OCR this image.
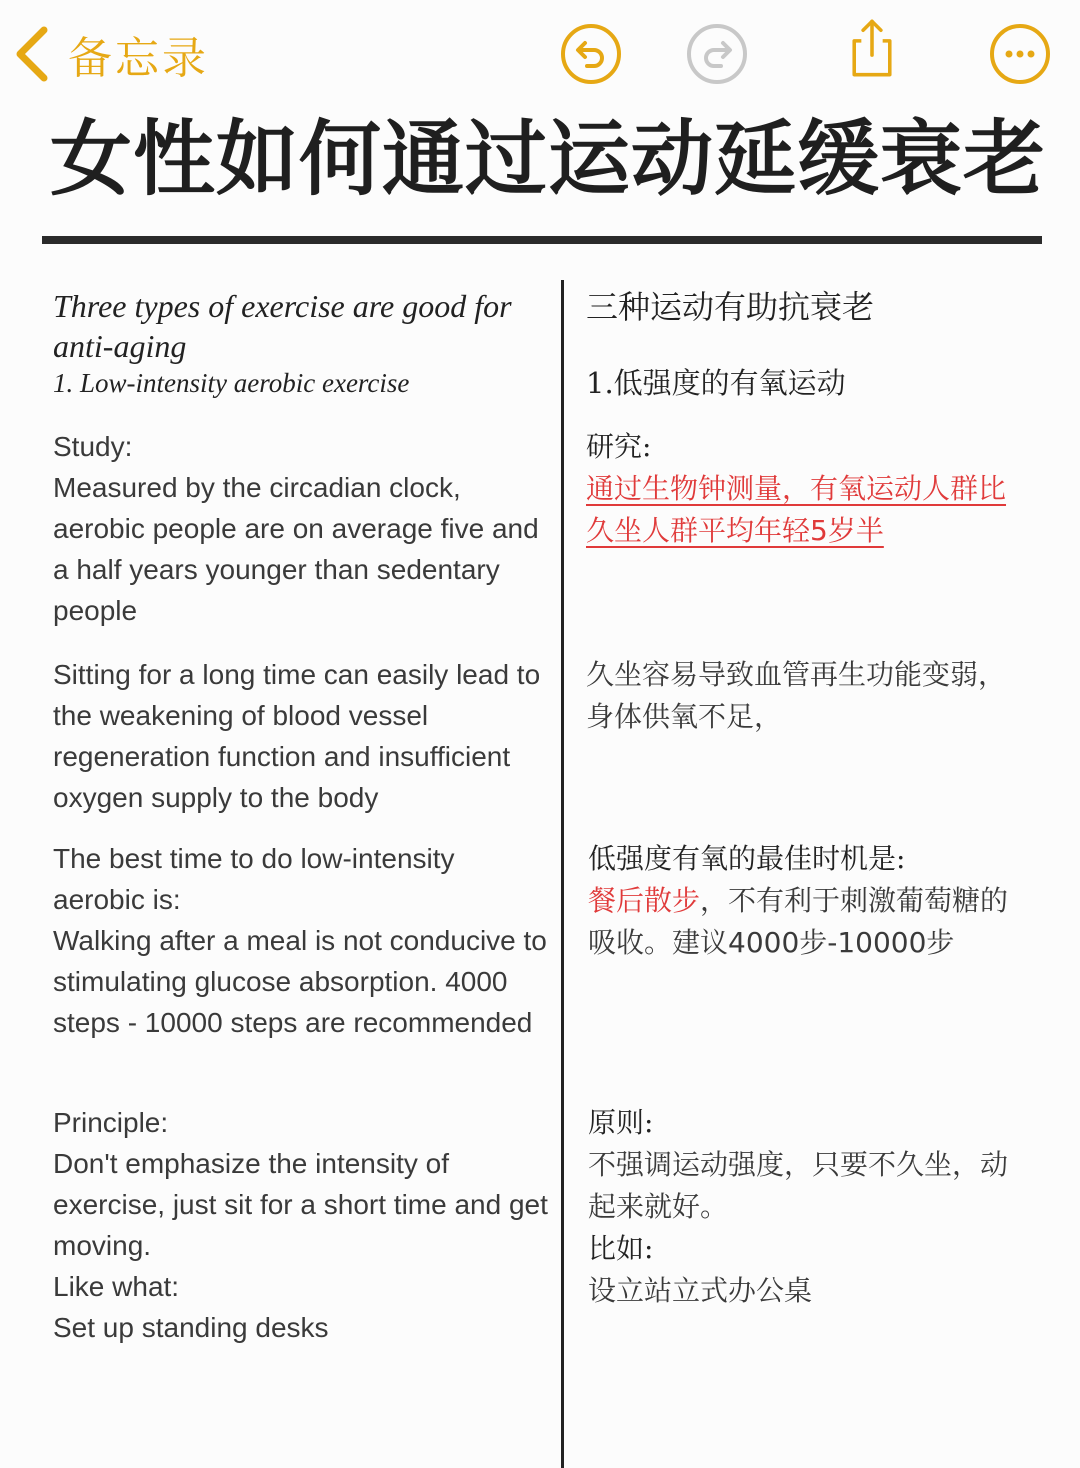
备忘录
女性如何通过运动延缓衰老
Three types of exercise are good for anti-aging
1. Low-intensity aerobic exercise
Study:
Measured by the circadian clock, aerobic people are on average five and a half years younger than sedentary people
Sitting for a long time can easily lead to the weakening of blood vessel regeneration function and insufficient oxygen supply to the body
The best time to do low-intensity aerobic is:
Walking after a meal is not conducive to stimulating glucose absorption. 4000 steps - 10000 steps are recommended
Principle:
Don't emphasize the intensity of exercise, just sit for a short time and get moving.
Like what:
Set up standing desks
三种运动有助抗衰老
1.低强度的有氧运动
研究:
通过生物钟测量，有氧运动人群比
久坐人群平均年轻5岁半
久坐容易导致血管再生功能变弱，
身体供氧不足，
低强度有氧的最佳时机是:
餐后散步，不有利于刺激葡萄糖的
吸收。建议4000步-10000步
原则:
不强调运动强度，只要不久坐，动
起来就好。
比如:
设立站立式办公桌
